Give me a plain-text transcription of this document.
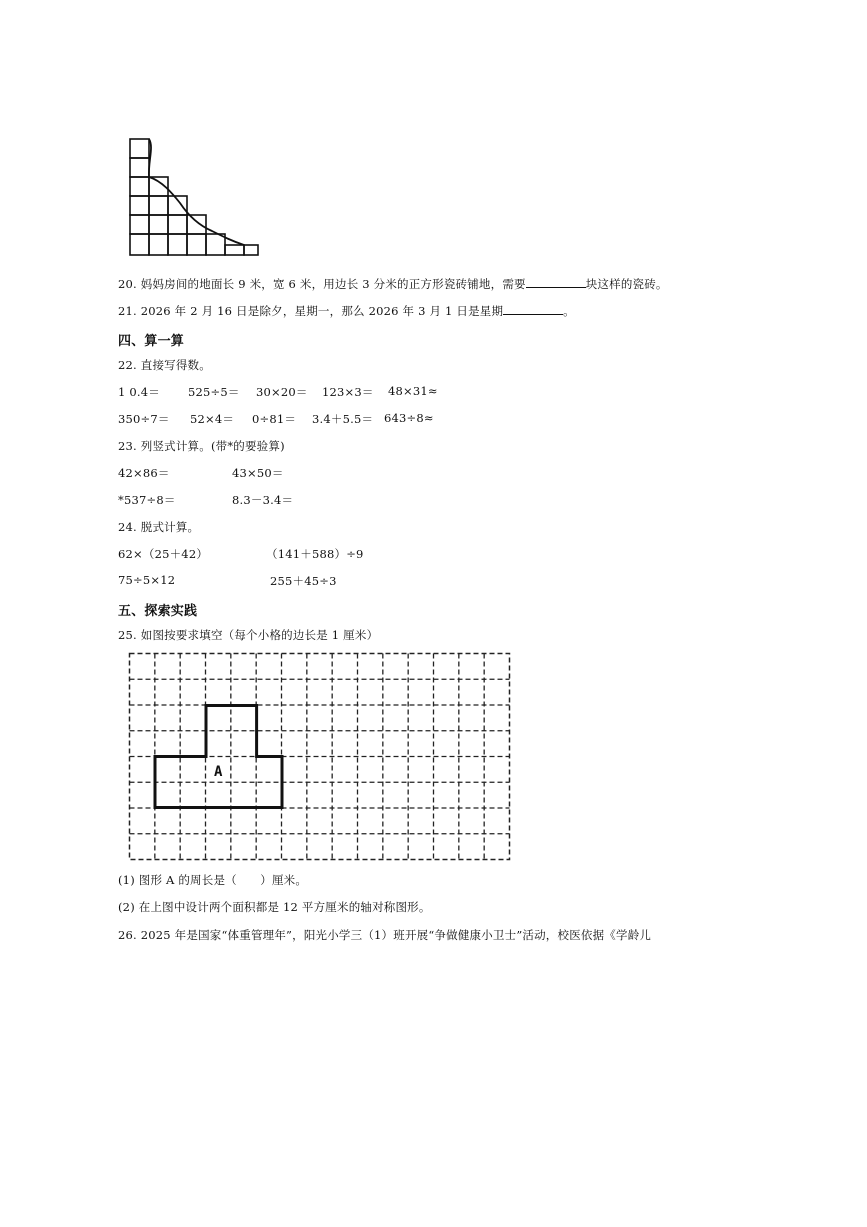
20. 妈妈房间的地面长 9 米，宽 6 米，用边长 3 分米的正方形瓷砖铺地，需要	块这样的瓷砖。
21. 2026 年 2 月 16 日是除夕，星期一，那么 2026 年 3 月 1 日是星期	。
四、算一算
22. 直接写得数。
1 0.4＝ 525÷5＝ 30×20＝ 123×3＝ 48×31≈
350÷7＝ 52×4＝ 0÷81＝ 3.4＋5.5＝ 643÷8≈
23. 列竖式计算。(带*的要验算)
42×86＝	43×50＝
*537÷8＝	8.3－3.4＝
24. 脱式计算。
62×（25＋42）	（141＋588）÷9
75÷5×12	255＋45÷3
五、探索实践
25. 如图按要求填空（每个小格的边长是 1 厘米）
A
(1) 图形 A 的周长是（　　）厘米。
(2) 在上图中设计两个面积都是 12 平方厘米的轴对称图形。
26. 2025 年是国家“体重管理年”，阳光小学三（1）班开展“争做健康小卫士”活动，校医依据《学龄儿
